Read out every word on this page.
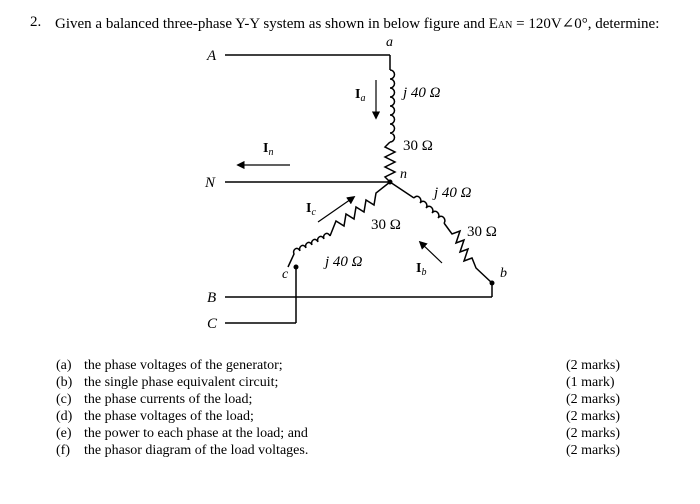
2. Given a balanced three-phase Y-Y system as shown in below figure and EAN = 120V∠0°, determine:
A
a
j 40 Ω
30 Ω
$I_a$
n
N
$I_n$
b
j 40 Ω
30 Ω
$I_b$
B
c
30 Ω
j 40 Ω
$I_c$
C
(a) the phase voltages of the generator;
(b) the single phase equivalent circuit;
(c) the phase currents of the load;
(d) the phase voltages of the load;
(e) the power to each phase at the load; and
(f)	the phasor diagram of the load voltages.
(2 marks)
(1 mark)
(2 marks)
(2 marks)
(2 marks)
(2 marks)
